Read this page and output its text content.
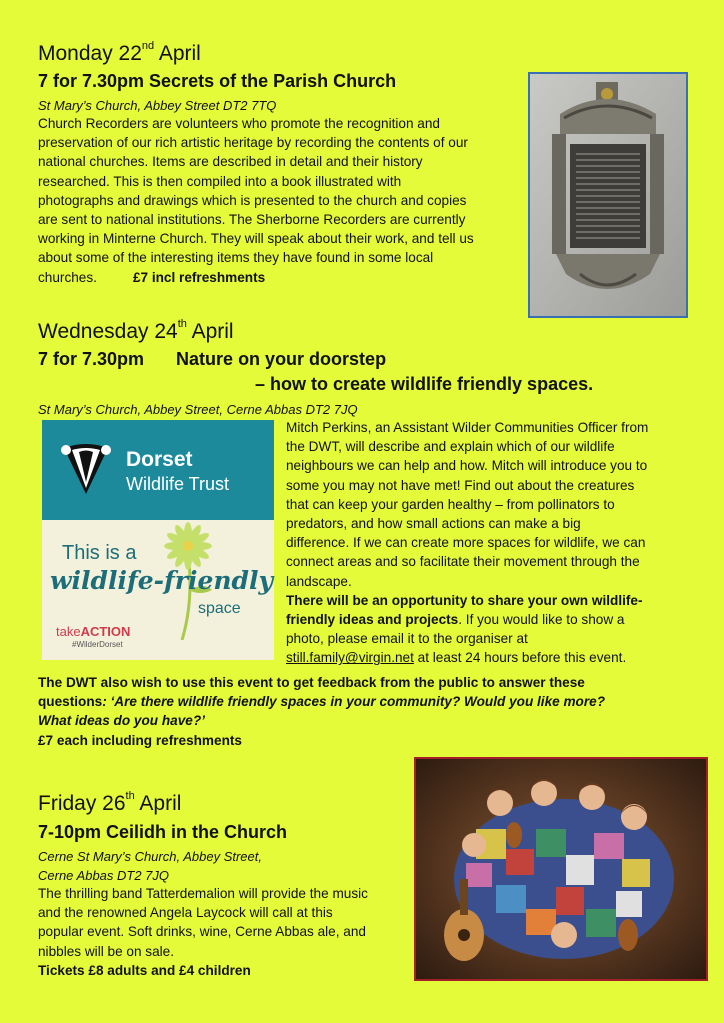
Monday 22nd April
7 for 7.30pm Secrets of the Parish Church
St Mary’s Church, Abbey Street DT2 7TQ
Church Recorders are volunteers who promote the recognition and
preservation of our rich artistic heritage by recording the contents of our
national churches. Items are described in detail and their history
researched. This is then compiled into a book illustrated with
photographs and drawings which is presented to the church and copies
are sent to national institutions. The Sherborne Recorders are currently
working in Minterne Church. They will speak about their work, and tell us
about some of the interesting items they have found in some local
churches.	£7 incl refreshments
Wednesday 24th April
7 for 7.30pm Nature on your doorstep
– how to create wildlife friendly spaces.
St Mary’s Church, Abbey Street, Cerne Abbas DT2 7JQ
Dorset
Wildlife Trust
This is a
wildlife-friendly
space
takeACTION
#WilderDorset
Mitch Perkins, an Assistant Wilder Communities Officer from
the DWT, will describe and explain which of our wildlife
neighbours we can help and how. Mitch will introduce you to
some you may not have met! Find out about the creatures
that can keep your garden healthy – from pollinators to
predators, and how small actions can make a big
difference. If we can create more spaces for wildlife, we can
connect areas and so facilitate their movement through the
landscape.
There will be an opportunity to share your own wildlife-
friendly ideas and projects. If you would like to show a
photo, please email it to the organiser at
still.family@virgin.net at least 24 hours before this event.
The DWT also wish to use this event to get feedback from the public to answer these
questions: ‘Are there wildlife friendly spaces in your community? Would you like more?
What ideas do you have?’
£7 each including refreshments
Friday 26th April
7-10pm Ceilidh in the Church
Cerne St Mary’s Church, Abbey Street,
Cerne Abbas DT2 7JQ
The thrilling band Tatterdemalion will provide the music
and the renowned Angela Laycock will call at this
popular event. Soft drinks, wine, Cerne Abbas ale, and
nibbles will be on sale.
Tickets £8 adults and £4 children
